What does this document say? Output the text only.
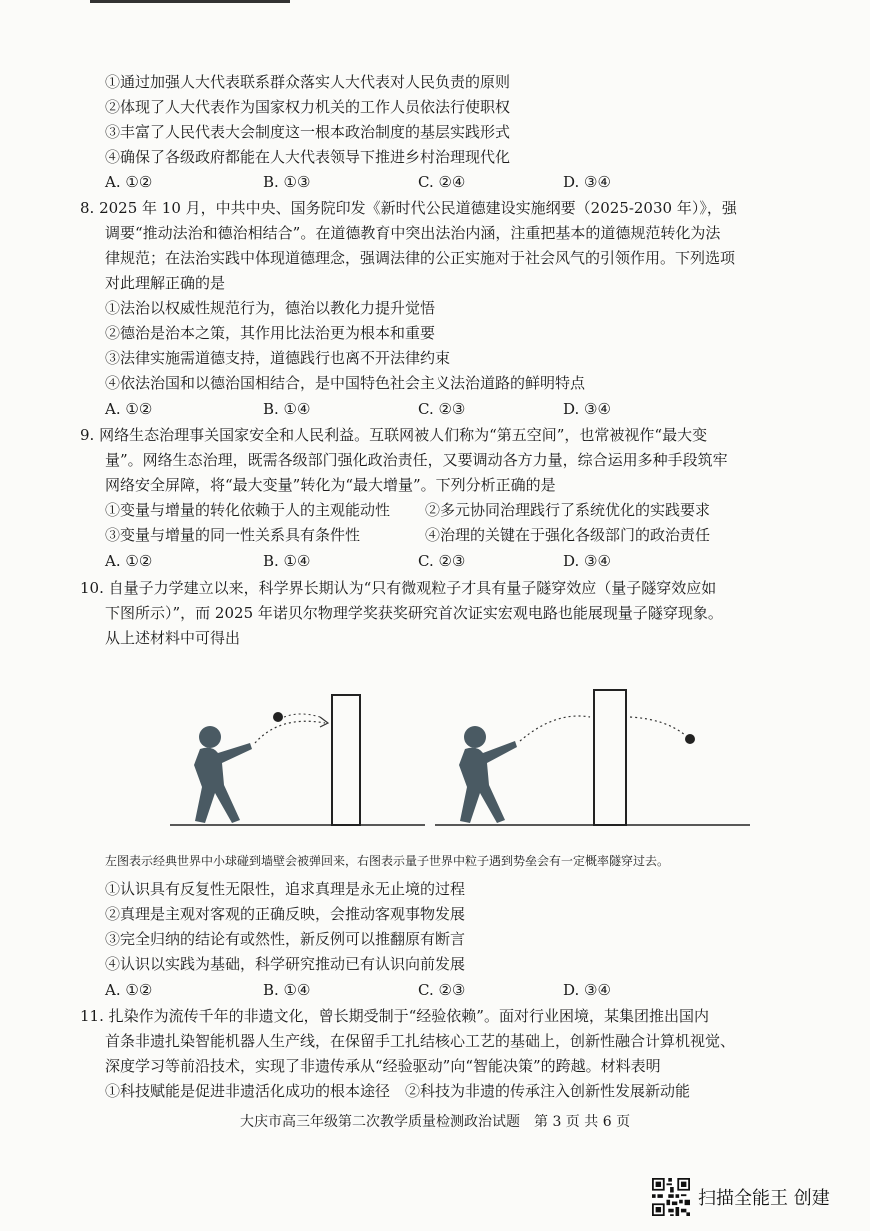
①通过加强人大代表联系群众落实人大代表对人民负责的原则
②体现了人大代表作为国家权力机关的工作人员依法行使职权
③丰富了人民代表大会制度这一根本政治制度的基层实践形式
④确保了各级政府都能在人大代表领导下推进乡村治理现代化
A. ①②	B. ①③	C. ②④	D. ③④
8. 2025 年 10 月，中共中央、国务院印发《新时代公民道德建设实施纲要（2025-2030 年）》，强
调要“推动法治和德治相结合”。在道德教育中突出法治内涵，注重把基本的道德规范转化为法
律规范；在法治实践中体现道德理念，强调法律的公正实施对于社会风气的引领作用。下列选项
对此理解正确的是
①法治以权威性规范行为，德治以教化力提升觉悟
②德治是治本之策，其作用比法治更为根本和重要
③法律实施需道德支持，道德践行也离不开法律约束
④依法治国和以德治国相结合，是中国特色社会主义法治道路的鲜明特点
A. ①②	B. ①④	C. ②③	D. ③④
9. 网络生态治理事关国家安全和人民利益。互联网被人们称为“第五空间”，也常被视作“最大变
量”。网络生态治理，既需各级部门强化政治责任，又要调动各方力量，综合运用多种手段筑牢
网络安全屏障，将“最大变量”转化为“最大增量”。下列分析正确的是
①变量与增量的转化依赖于人的主观能动性 ②多元协同治理践行了系统优化的实践要求
③变量与增量的同一性关系具有条件性	④治理的关键在于强化各级部门的政治责任
A. ①②	B. ①④	C. ②③	D. ③④
10. 自量子力学建立以来，科学界长期认为“只有微观粒子才具有量子隧穿效应（量子隧穿效应如
下图所示）”，而 2025 年诺贝尔物理学奖获奖研究首次证实宏观电路也能展现量子隧穿现象。
从上述材料中可得出
左图表示经典世界中小球碰到墙壁会被弹回来，右图表示量子世界中粒子遇到势垒会有一定概率隧穿过去。
①认识具有反复性无限性，追求真理是永无止境的过程
②真理是主观对客观的正确反映，会推动客观事物发展
③完全归纳的结论有或然性，新反例可以推翻原有断言
④认识以实践为基础，科学研究推动已有认识向前发展
A. ①②	B. ①④	C. ②③	D. ③④
11. 扎染作为流传千年的非遗文化，曾长期受制于“经验依赖”。面对行业困境，某集团推出国内
首条非遗扎染智能机器人生产线，在保留手工扎结核心工艺的基础上，创新性融合计算机视觉、
深度学习等前沿技术，实现了非遗传承从“经验驱动”向“智能决策”的跨越。材料表明
①科技赋能是促进非遗活化成功的根本途径　②科技为非遗的传承注入创新性发展新动能
大庆市高三年级第二次教学质量检测政治试题　第 3 页 共 6 页
扫描全能王 创建
